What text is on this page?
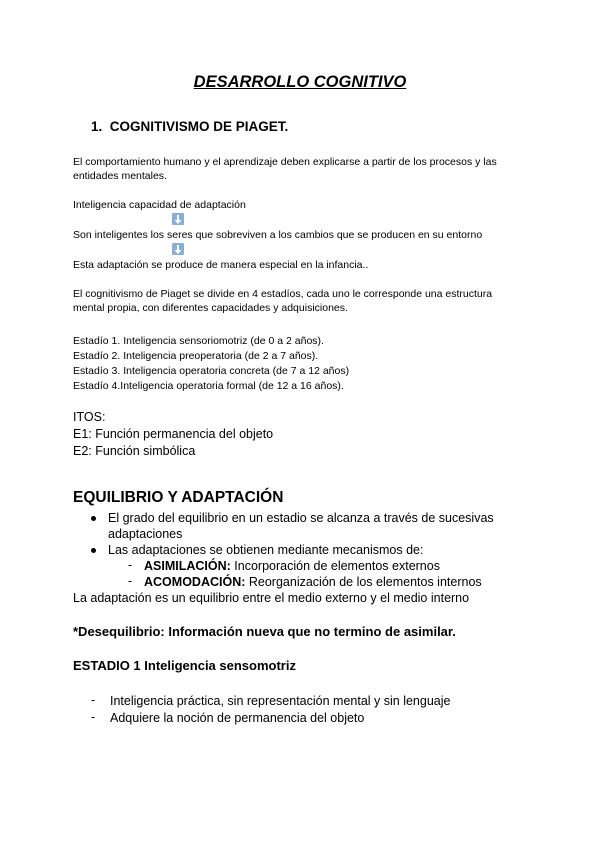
DESARROLLO COGNITIVO
1. COGNITIVISMO DE PIAGET.
El comportamiento humano y el aprendizaje deben explicarse a partir de los procesos y las
entidades mentales.
Inteligencia capacidad de adaptación
Son inteligentes los seres que sobreviven a los cambios que se producen en su entorno
Esta adaptación se produce de manera especial en la infancia..
El cognitivismo de Piaget se divide en 4 estadíos, cada uno le corresponde una estructura
mental propia, con diferentes capacidades y adquisiciones.
Estadío 1. Inteligencia sensoriomotriz (de 0 a 2 años).
Estadío 2. Inteligencia preoperatoria (de 2 a 7 años).
Estadío 3. Inteligencia operatoria concreta (de 7 a 12 años)
Estadío 4.Inteligencia operatoria formal (de 12 a 16 años).
ITOS:
E1: Función permanencia del objeto
E2: Función simbólica
EQUILIBRIO Y ADAPTACIÓN
El grado del equilibrio en un estadio se alcanza a través de sucesivas
adaptaciones
Las adaptaciones se obtienen mediante mecanismos de:
- ASIMILACIÓN: Incorporación de elementos externos
- ACOMODACIÓN: Reorganización de los elementos internos
La adaptación es un equilibrio entre el medio externo y el medio interno
*Desequilibrio: Información nueva que no termino de asimilar.
ESTADIO 1 Inteligencia sensomotriz
- Inteligencia práctica, sin representación mental y sin lenguaje
- Adquiere la noción de permanencia del objeto
